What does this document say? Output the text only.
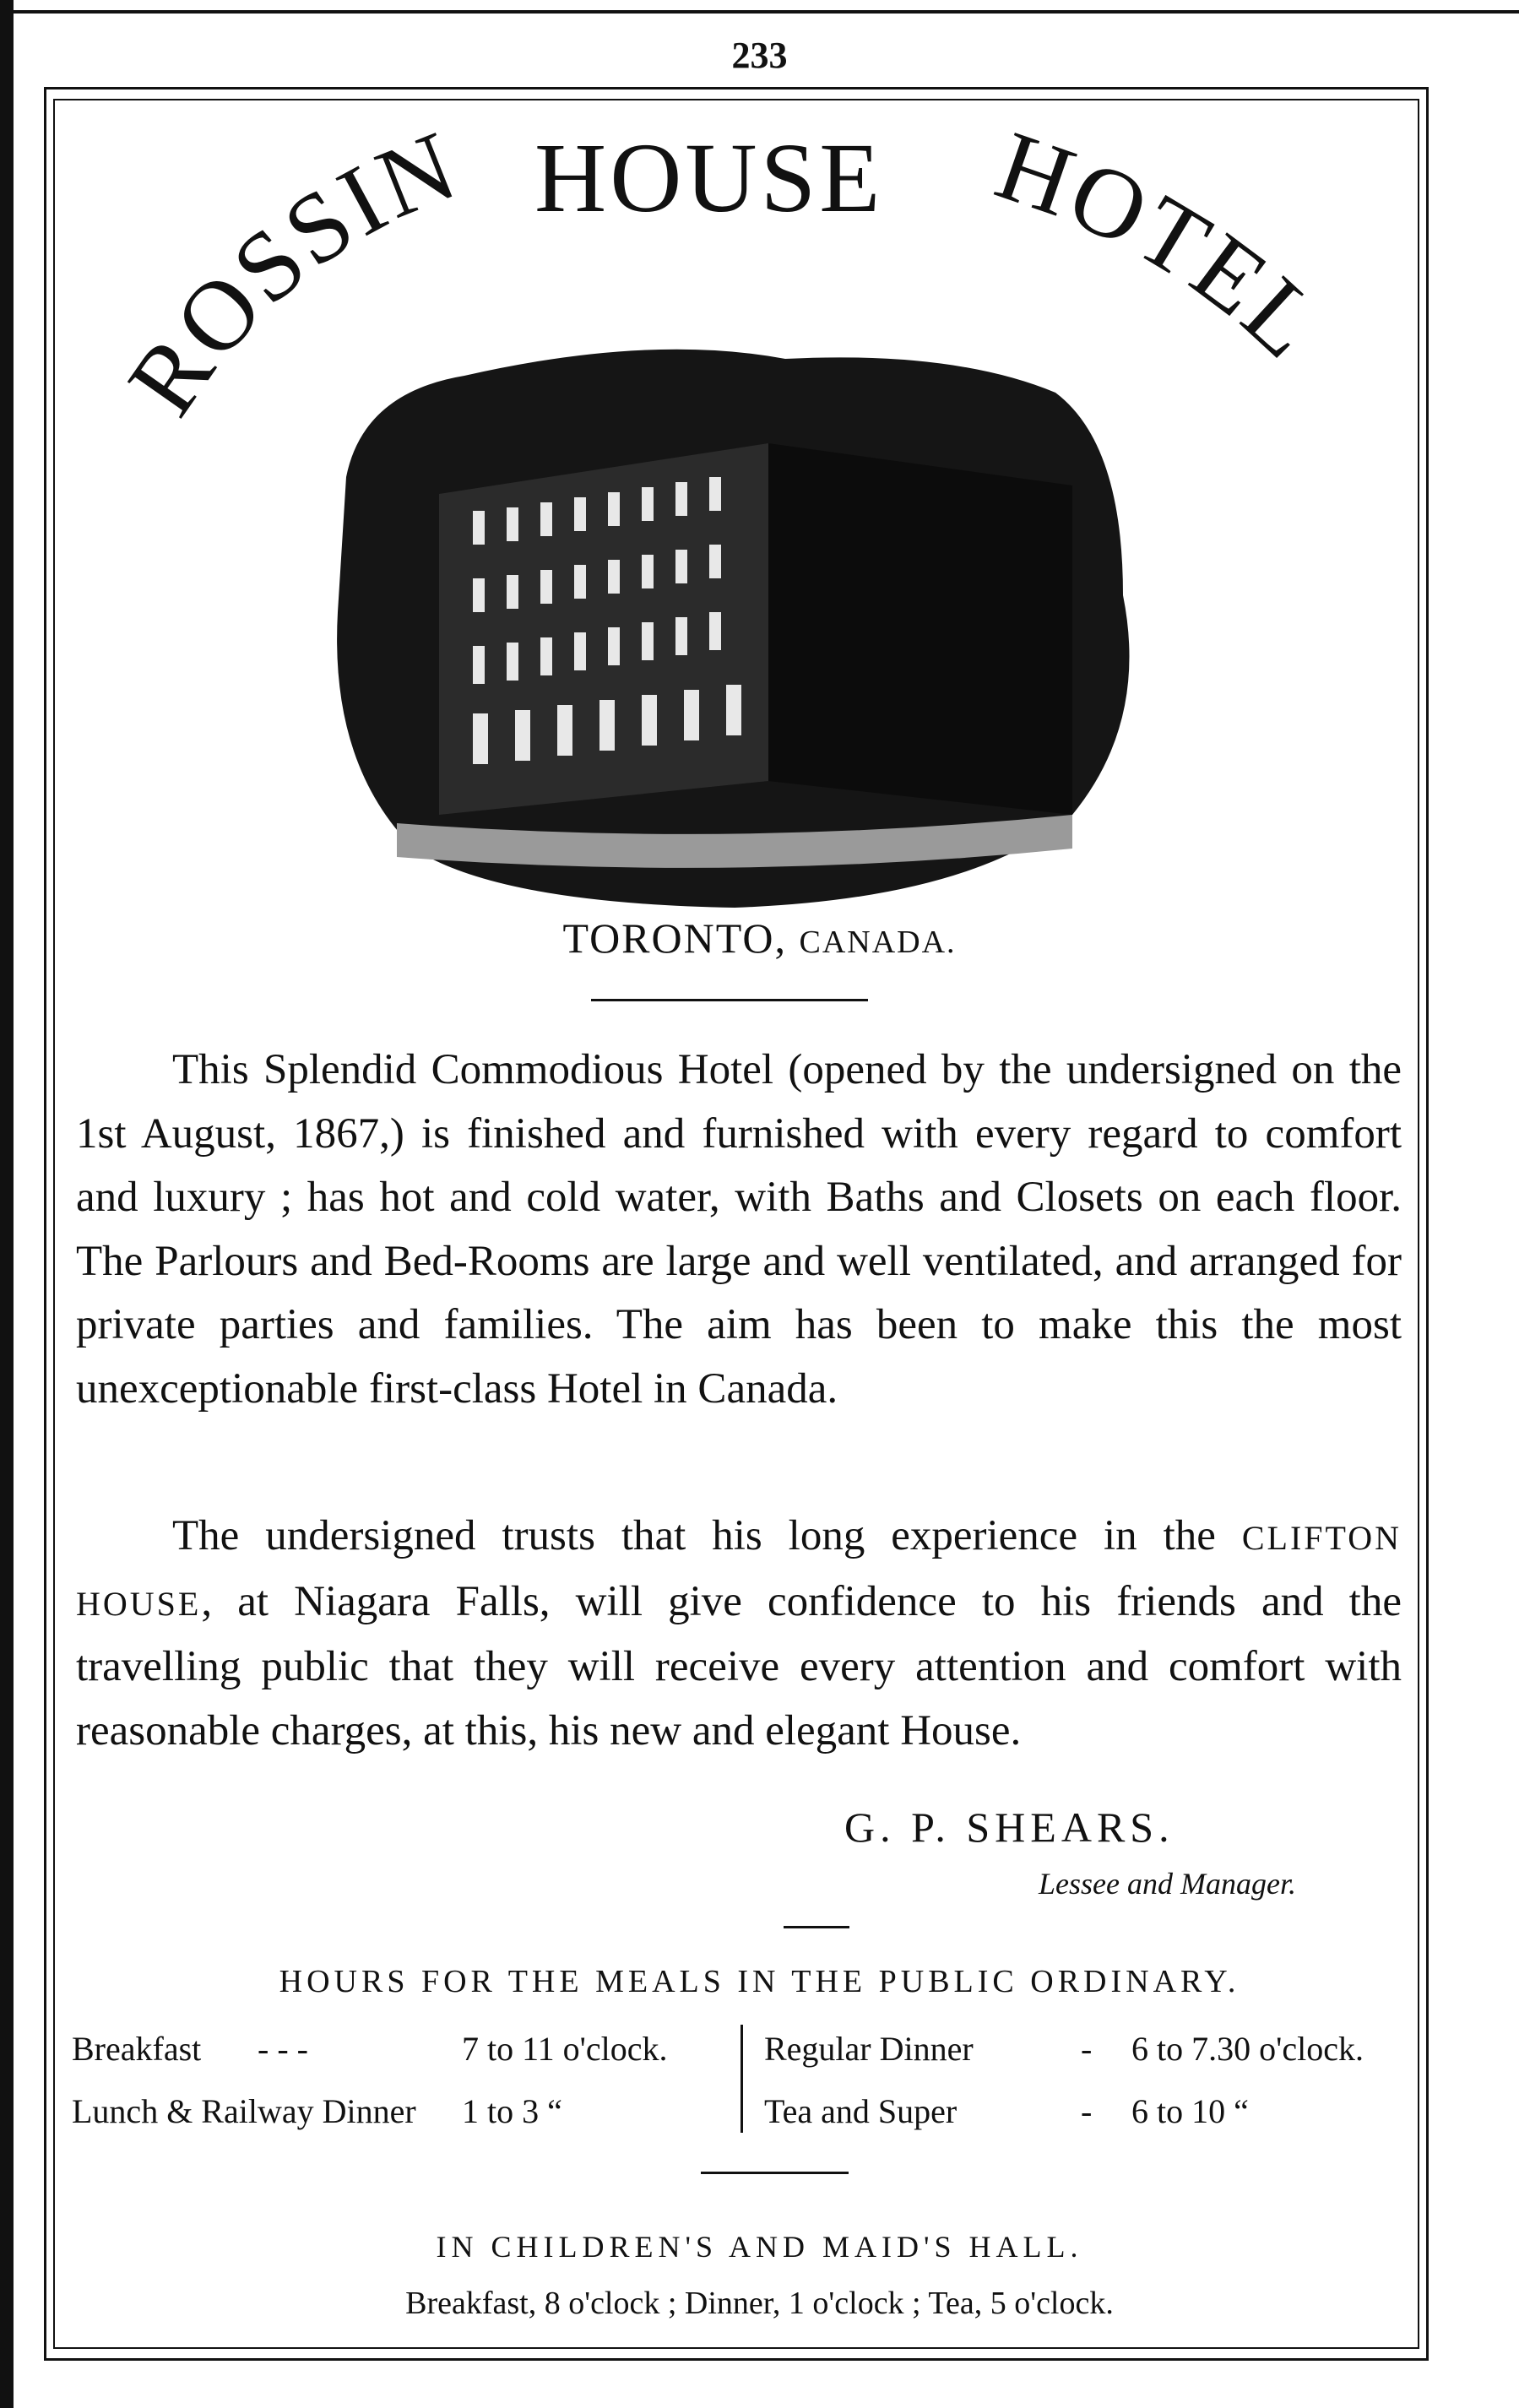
233
ROSSIN HOUSE HOTEL
TORONTO, CANADA.

This Splendid Commodious Hotel (opened by the undersigned on the 1st August, 1867,) is finished and furnished with every regard to comfort and luxury ; has hot and cold water, with Baths and Closets on each floor. The Parlours and Bed-Rooms are large and well ventilated, and arranged for private parties and families. The aim has been to make this the most unexceptionable first-class Hotel in Canada.

The undersigned trusts that his long experience in the CLIFTON HOUSE, at Niagara Falls, will give confidence to his friends and the travelling public that they will receive every attention and comfort with reasonable charges, at this, his new and elegant House.

G. P. SHEARS.
Lessee and Manager.
HOURS FOR THE MEALS IN THE PUBLIC ORDINARY.
Breakfast - - -	7 to 11 o'clock.	Regular Dinner	- 6 to 7.30 o'clock.
Lunch & Railway Dinner 1 to 3 “	Tea and Super	- 6 to 10 “
IN CHILDREN'S AND MAID'S HALL.
Breakfast, 8 o'clock ; Dinner, 1 o'clock ; Tea, 5 o'clock.
